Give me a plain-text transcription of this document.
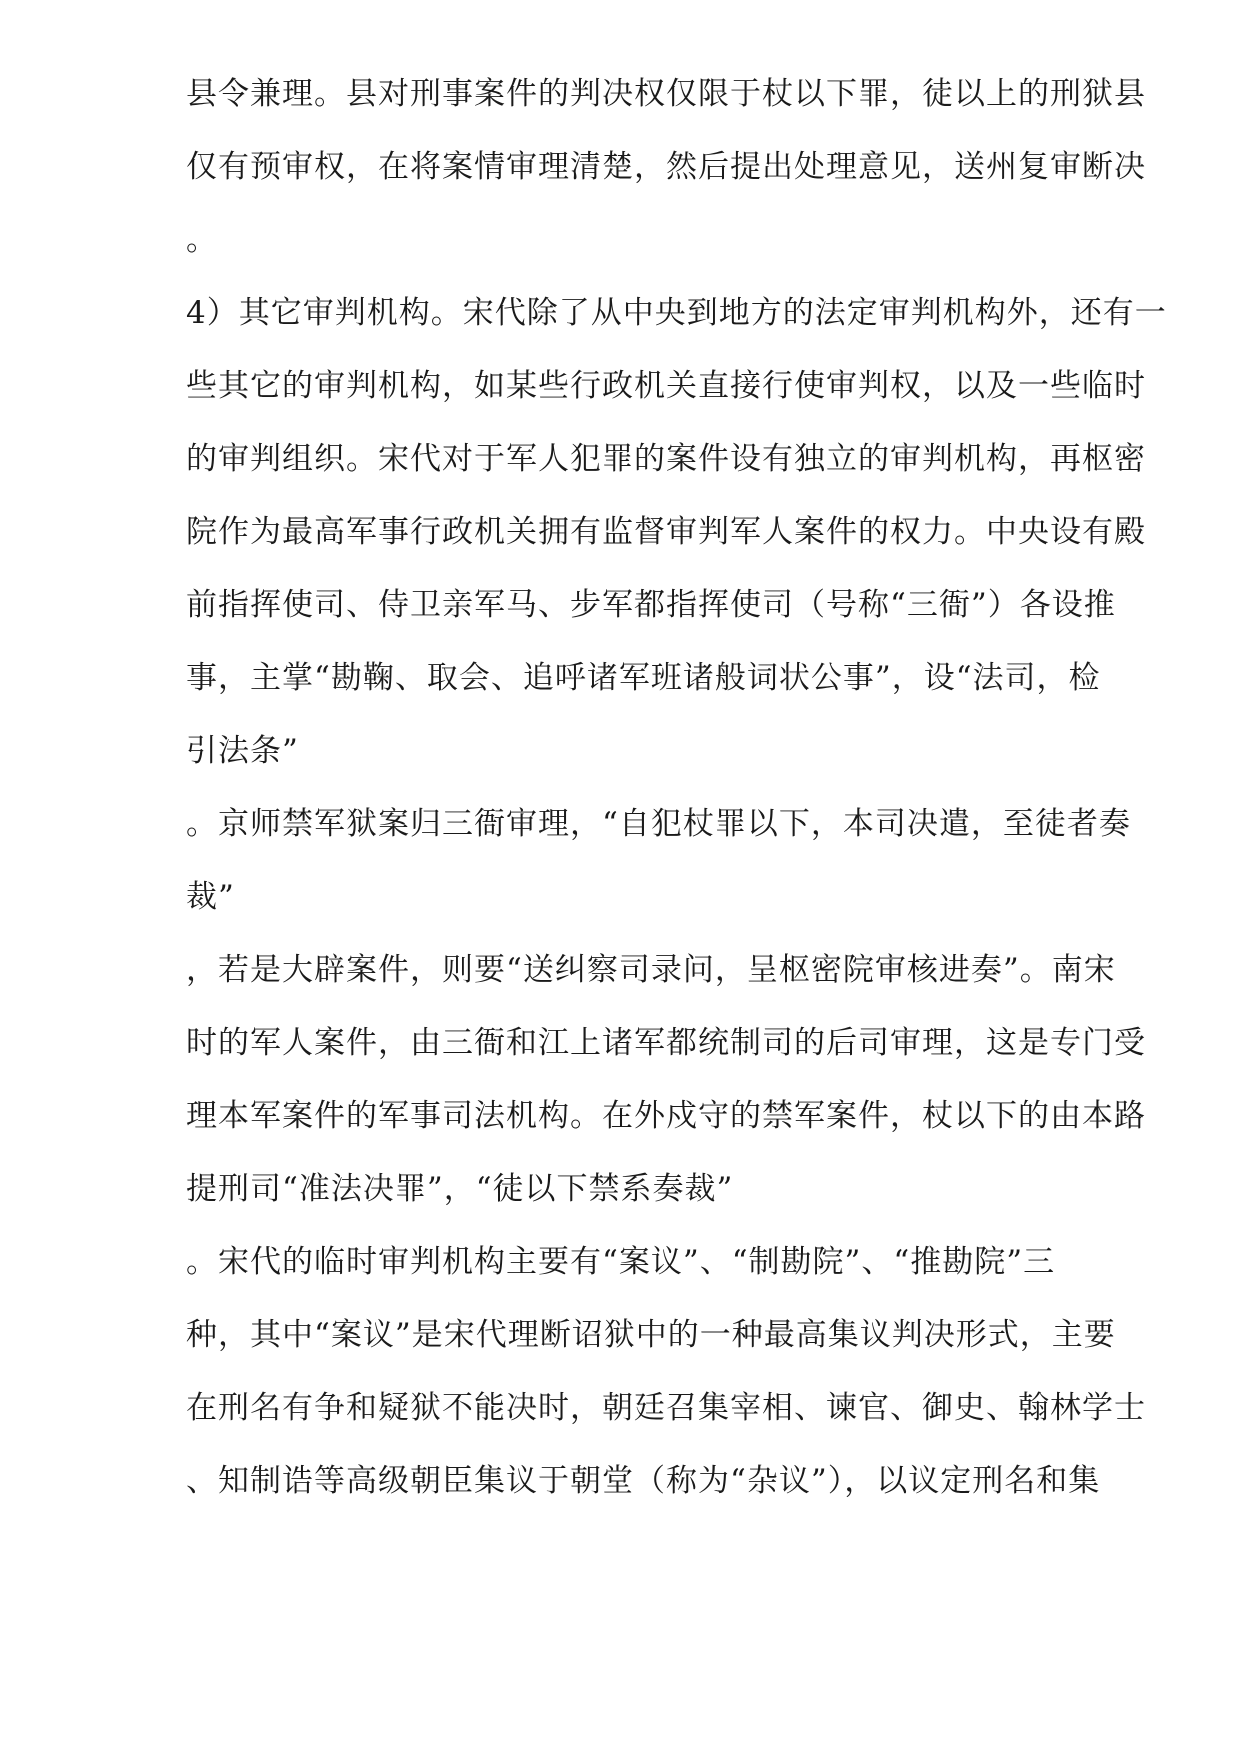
县令兼理。县对刑事案件的判决权仅限于杖以下罪，徒以上的刑狱县
仅有预审权，在将案情审理清楚，然后提出处理意见，送州复审断决
。
4）其它审判机构。宋代除了从中央到地方的法定审判机构外，还有一
些其它的审判机构，如某些行政机关直接行使审判权，以及一些临时
的审判组织。宋代对于军人犯罪的案件设有独立的审判机构，再枢密
院作为最高军事行政机关拥有监督审判军人案件的权力。中央设有殿
前指挥使司、侍卫亲军马、步军都指挥使司（号称“三衙”）各设推
事，主掌“勘鞠、取会、追呼诸军班诸般词状公事”，设“法司，检
引法条”
。京师禁军狱案归三衙审理，“自犯杖罪以下，本司决遣，至徒者奏
裁”
，若是大辟案件，则要“送纠察司录问，呈枢密院审核进奏”。南宋
时的军人案件，由三衙和江上诸军都统制司的后司审理，这是专门受
理本军案件的军事司法机构。在外戍守的禁军案件，杖以下的由本路
提刑司“准法决罪”，“徒以下禁系奏裁”
。宋代的临时审判机构主要有“案议”、“制勘院”、“推勘院”三
种，其中“案议”是宋代理断诏狱中的一种最高集议判决形式，主要
在刑名有争和疑狱不能决时，朝廷召集宰相、谏官、御史、翰林学士
、知制诰等高级朝臣集议于朝堂（称为“杂议”），以议定刑名和集
